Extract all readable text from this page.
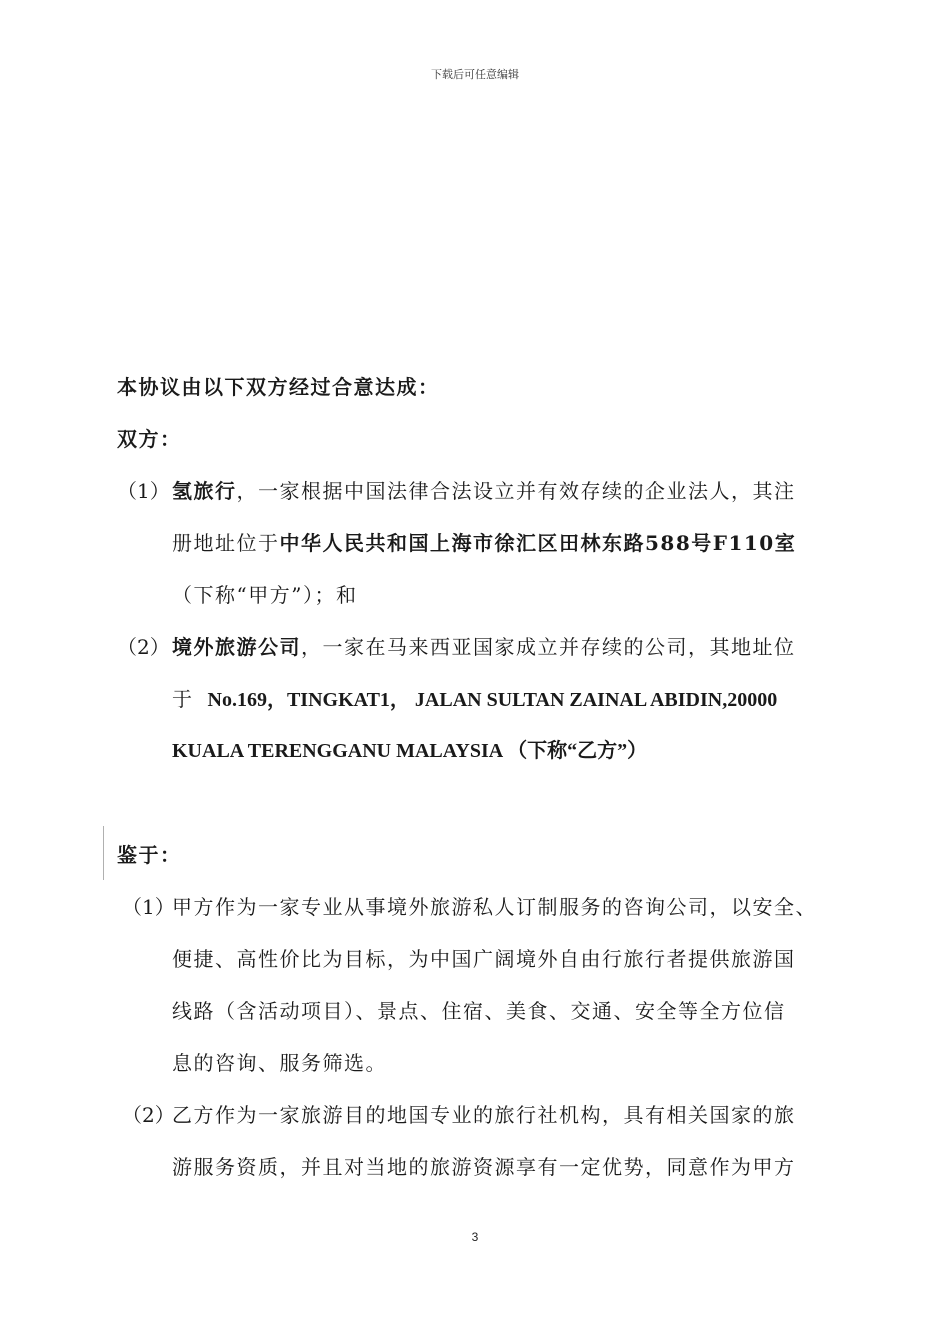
下载后可任意编辑
本协议由以下双方经过合意达成：
双方：
（1） 氢旅行，一家根据中国法律合法设立并有效存续的企业法人，其注
册地址位于中华人民共和国上海市徐汇区田林东路588号F110室
（下称“甲方”）；和
（2） 境外旅游公司，一家在马来西亚国家成立并存续的公司，其地址位
于 No.169，TINGKAT1， JALAN SULTAN ZAINAL ABIDIN,20000
KUALA TERENGGANU MALAYSIA （下称“乙方”）
鉴于：
（1）
甲方作为一家专业从事境外旅游私人订制服务的咨询公司，以安全、
便捷、高性价比为目标，为中国广阔境外自由行旅行者提供旅游国
线路（含活动项目）、景点、住宿、美食、交通、安全等全方位信
息的咨询、服务筛选。
（2）
乙方作为一家旅游目的地国专业的旅行社机构，具有相关国家的旅
游服务资质，并且对当地的旅游资源享有一定优势，同意作为甲方
3
